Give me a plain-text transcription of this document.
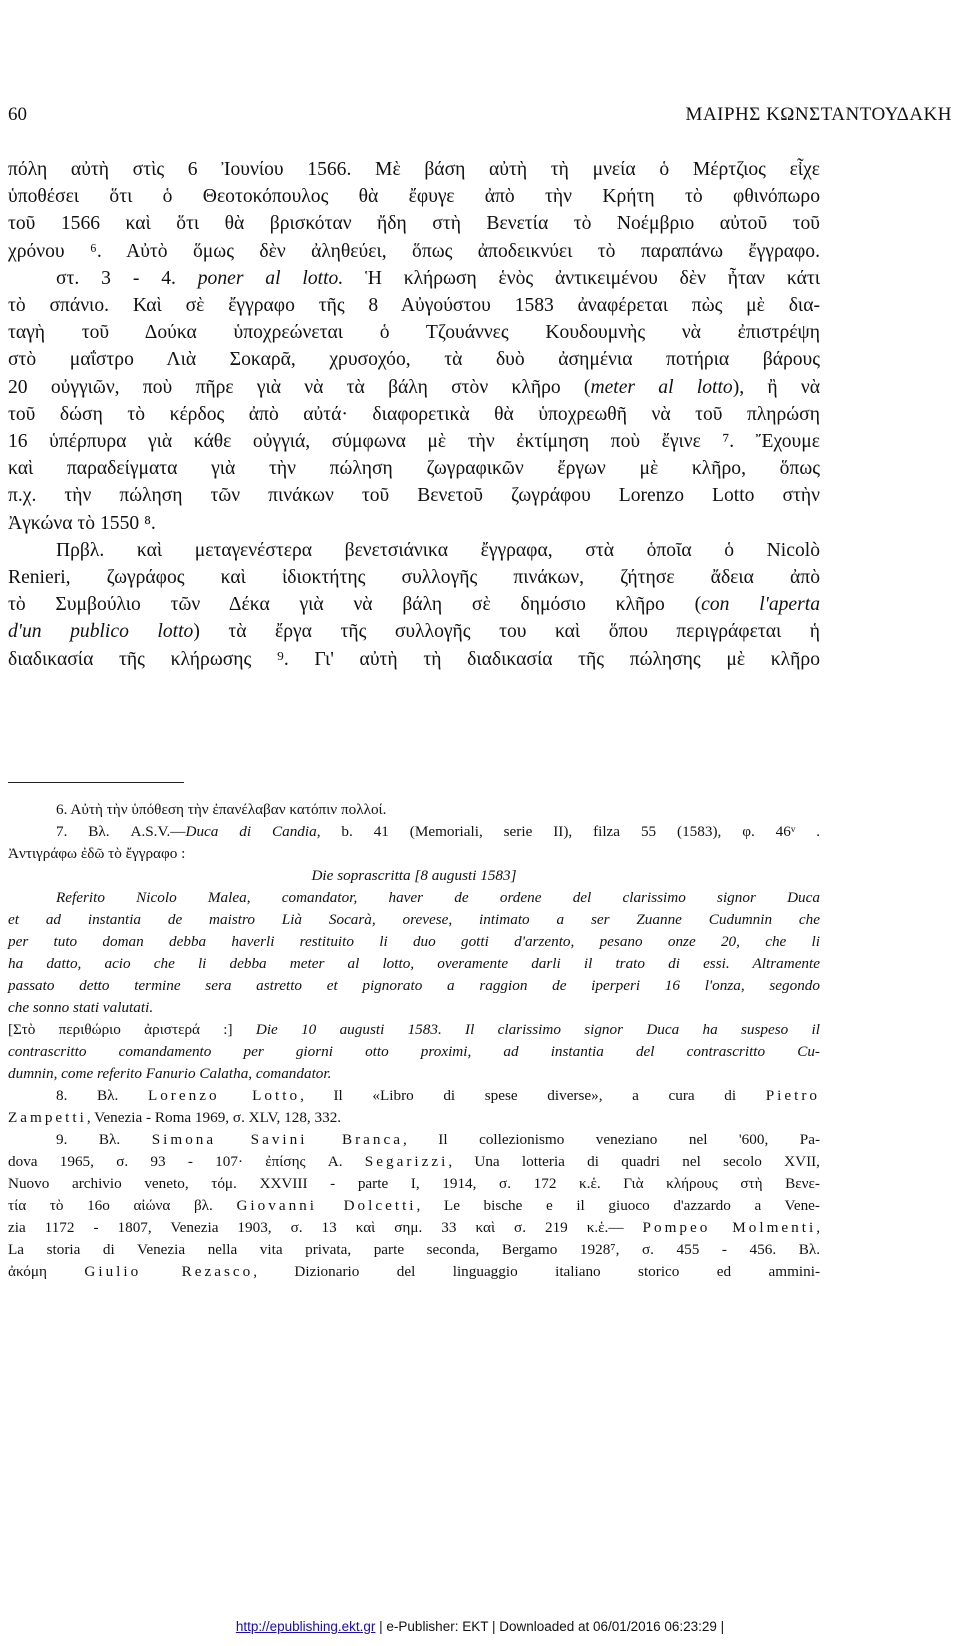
60	ΜΑΙΡΗΣ ΚΩΝΣΤΑΝΤΟΥΔΑΚΗ
πόλη αὐτὴ στὶς 6 Ἰουνίου 1566. Μὲ βάση αὐτὴ τὴ μνεία ὁ Μέρτζιος εἶχε
ὑποθέσει ὅτι ὁ Θεοτοκόπουλος θὰ ἔφυγε ἀπὸ τὴν Κρήτη τὸ φθινόπωρο
τοῦ 1566 καὶ ὅτι θὰ βρισκόταν ἤδη στὴ Βενετία τὸ Νοέμβριο αὐτοῦ τοῦ
χρόνου ⁶. Αὐτὸ ὅμως δὲν ἀληθεύει, ὅπως ἀποδεικνύει τὸ παραπάνω ἔγγραφο.
στ. 3 - 4. poner al lotto. Ἡ κλήρωση ἑνὸς ἀντικειμένου δὲν ἦταν κάτι
τὸ σπάνιο. Καὶ σὲ ἔγγραφο τῆς 8 Αὐγούστου 1583 ἀναφέρεται πὼς μὲ δια-
ταγὴ τοῦ Δούκα ὑποχρεώνεται ὁ Τζουάννες Κουδουμνὴς νὰ ἐπιστρέψη
στὸ μαΐστρο Λιὰ Σοκαρᾶ, χρυσοχόο, τὰ δυὸ ἀσημένια ποτήρια βάρους
20 οὐγγιῶν, ποὺ πῆρε γιὰ νὰ τὰ βάλη στὸν κλῆρο (meter al lotto), ἢ νὰ
τοῦ δώση τὸ κέρδος ἀπὸ αὐτά· διαφορετικὰ θὰ ὑποχρεωθῆ νὰ τοῦ πληρώση
16 ὑπέρπυρα γιὰ κάθε οὐγγιά, σύμφωνα μὲ τὴν ἐκτίμηση ποὺ ἔγινε ⁷. Ἔχουμε
καὶ παραδείγματα γιὰ τὴν πώληση ζωγραφικῶν ἔργων μὲ κλῆρο, ὅπως
π.χ. τὴν πώληση τῶν πινάκων τοῦ Βενετοῦ ζωγράφου Lorenzo Lotto στὴν
Ἀγκώνα τὸ 1550 ⁸.
Πρβλ. καὶ μεταγενέστερα βενετσιάνικα ἔγγραφα, στὰ ὁποῖα ὁ Nicolò
Renieri, ζωγράφος καὶ ἰδιοκτήτης συλλογῆς πινάκων, ζήτησε ἄδεια ἀπὸ
τὸ Συμβούλιο τῶν Δέκα γιὰ νὰ βάλη σὲ δημόσιο κλῆρο (con l'aperta
d'un publico lotto) τὰ ἔργα τῆς συλλογῆς του καὶ ὅπου περιγράφεται ἡ
διαδικασία τῆς κλήρωσης ⁹. Γι' αὐτὴ τὴ διαδικασία τῆς πώλησης μὲ κλῆρο
6. Αὐτὴ τὴν ὑπόθεση τὴν ἐπανέλαβαν κατόπιν πολλοί.
7. Βλ. A.S.V.—Duca di Candia, b. 41 (Memoriali, serie II), filza 55 (1583), φ. 46ᵛ .
Ἀντιγράφω ἐδῶ τὸ ἔγγραφο :
Die soprascritta [8 augusti 1583]
Referito Nicolo Malea, comandator, haver de ordene del clarissimo signor Duca
et ad instantia de maistro Lià Socarà, orevese, intimato a ser Zuanne Cudumnin che
per tuto doman debba haverli restituito li duo gotti d'arzento, pesano onze 20, che li
ha datto, acio che li debba meter al lotto, overamente darli il trato di essi. Altramente
passato detto termine sera astretto et pignorato a raggion de iperperi 16 l'onza, segondo
che sonno stati valutati.
[Στὸ περιθώριο ἀριστερά :] Die 10 augusti 1583. Il clarissimo signor Duca ha suspeso il
contrascritto comandamento per giorni otto proximi, ad instantia del contrascritto Cu-
dumnin, come referito Fanurio Calatha, comandator.
8. Βλ. Lorenzo Lotto, Il «Libro di spese diverse», a cura di Pietro
Zampetti, Venezia - Roma 1969, σ. XLV, 128, 332.
9. Βλ. Simona Savini Branca, Il collezionismo veneziano nel '600, Pa-
dova 1965, σ. 93 - 107· ἐπίσης A. Segarizzi, Una lotteria di quadri nel secolo XVII,
Nuovo archivio veneto, τόμ. XXVIII - parte I, 1914, σ. 172 κ.ἑ. Γιὰ κλήρους στὴ Βενε-
τία τὸ 16ο αἰώνα βλ. Giovanni Dolcetti, Le bische e il giuoco d'azzardo a Vene-
zia 1172 - 1807, Venezia 1903, σ. 13 καὶ σημ. 33 καὶ σ. 219 κ.ἑ.— Pompeo Molmenti,
La storia di Venezia nella vita privata, parte seconda, Bergamo 1928⁷, σ. 455 - 456. Βλ.
ἀκόμη Giulio Rezasco, Dizionario del linguaggio italiano storico ed ammini-
http://epublishing.ekt.gr | e-Publisher: EKT | Downloaded at 06/01/2016 06:23:29 |
